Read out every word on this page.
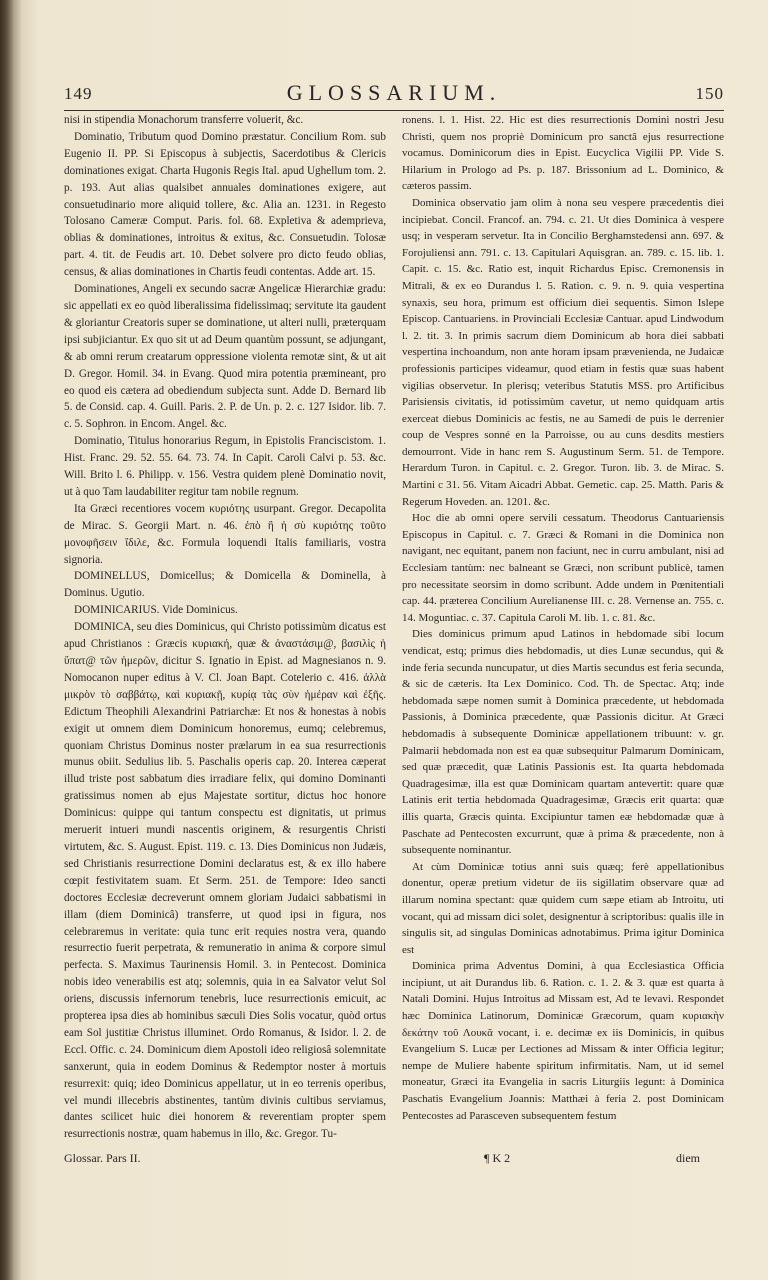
149	GLOSSARIUM.	150

nisi in stipendia Monachorum transferre voluerit, &c.

Dominatio, Tributum quod Domino præstatur. Concilium Rom. sub Eugenio II. PP. Si Episcopus à subjectis, Sacerdotibus & Clericis dominationes exigat. Charta Hugonis Regis Ital. apud Ughellum tom. 2. p. 193. Aut alias qualsibet annuales dominationes exigere, aut consuetudinario more aliquid tollere, &c. Alia an. 1231. in Regesto Tolosano Cameræ Comput. Paris. fol. 68. Expletiva & ademprieva, oblias & dominationes, introitus & exitus, &c. Consuetudin. Tolosæ part. 4. tit. de Feudis art. 10. Debet solvere pro dicto feudo oblias, census, & alias dominationes in Chartis feudi contentas. Adde art. 15.

Dominationes, Angeli ex secundo sacræ Angelicæ Hierarchiæ gradu: sic appellati ex eo quòd liberalissima fidelissimaq; servitute ita gaudent & gloriantur Creatoris super se dominatione, ut alteri nulli, præterquam ipsi subjiciantur. Ex quo sit ut ad Deum quantùm possunt, se adjungant, & ab omni rerum creatarum oppressione violenta remotæ sint, & ut ait D. Gregor. Homil. 34. in Evang. Quod mira potentia præmineant, pro eo quod eis cætera ad obediendum subjecta sunt. Adde D. Bernard lib 5. de Consid. cap. 4. Guill. Paris. 2. P. de Un. p. 2. c. 127 Isidor. lib. 7. c. 5. Sophron. in Encom. Angel. &c.

Dominatio, Titulus honorarius Regum, in Epistolis Franciscistom. 1. Hist. Franc. 29. 52. 55. 64. 73. 74. In Capit. Caroli Calvi p. 53. &c. Will. Brito l. 6. Philipp. v. 156. Vestra quidem plenè Dominatio novit, ut à quo Tam laudabiliter regitur tam nobile regnum.

Ita Græci recentiores vocem κυριότης usurpant. Gregor. Decapolita de Mirac. S. Georgii Mart. n. 46. ἐπὸ ἣ ἡ σὺ κυριότης τοῦτο μονοφῆσειν ἴδιλε, &c. Formula loquendi Italis familiaris, vostra signoria.

DOMINELLUS, Domicellus; & Domicella & Dominella, à Dominus. Ugutio.

DOMINICARIUS. Vide Dominicus.

DOMINICA, seu dies Dominicus, qui Christo potissimùm dicatus est apud Christianos : Græcis κυριακή, quæ & ἀναστάσιμ@, βασιλὶς ἡ ὕπατ@ τῶν ἡμερῶν, dicitur S. Ignatio in Epist. ad Magnesianos n. 9. Nomocanon nuper editus à V. Cl. Joan Bapt. Cotelerio c. 416. ἀλλὰ μικρὸν τὸ σαββάτῳ, καὶ κυριακῇ, κυρίᾳ τὰς σὺν ἡμέραν καὶ ἐξῆς. Edictum Theophili Alexandrini Patriarchæ: Et nos & honestas à nobis exigit ut omnem diem Dominicum honoremus, eumq; celebremus, quoniam Christus Dominus noster prælarum in ea sua resurrectionis munus obiit. Sedulius lib. 5. Paschalis operis cap. 20. Interea cæperat illud triste post sabbatum dies irradiare felix, qui domino Dominanti gratissimus nomen ab ejus Majestate sortitur, dictus hoc honore Dominicus: quippe qui tantum conspectu est dignitatis, ut primus meruerit intueri mundi nascentis originem, & resurgentis Christi virtutem, &c. S. August. Epist. 119. c. 13. Dies Dominicus non Judæis, sed Christianis resurrectione Domini declaratus est, & ex illo habere cœpit festivitatem suam. Et Serm. 251. de Tempore: Ideo sancti doctores Ecclesiæ decreverunt omnem gloriam Judaici sabbatismi in illam (diem Dominicâ) transferre, ut quod ipsi in figura, nos celebraremus in veritate: quia tunc erit requies nostra vera, quando resurrectio fuerit perpetrata, & remuneratio in anima & corpore simul perfecta. S. Maximus Taurinensis Homil. 3. in Pentecost. Dominica nobis ideo venerabilis est atq; solemnis, quia in ea Salvator velut Sol oriens, discussis infernorum tenebris, luce resurrectionis emicuit, ac propterea ipsa dies ab hominibus sæculi Dies Solis vocatur, quòd ortus eam Sol justitiæ Christus illuminet. Ordo Romanus, & Isidor. l. 2. de Eccl. Offic. c. 24. Dominicum diem Apostoli ideo religiosâ solemnitate sanxerunt, quia in eodem Dominus & Redemptor noster à mortuis resurrexit: quiq; ideo Dominicus appellatur, ut in eo terrenis operibus, vel mundi illecebris abstinentes, tantùm divinis cultibus serviamus, dantes scilicet huic diei honorem & reverentiam propter spem resurrectionis nostræ, quam habemus in illo, &c. Gregor. Tu-

ronens. l. 1. Hist. 22. Hic est dies resurrectionis Domini nostri Jesu Christi, quem nos propriè Dominicum pro sanctâ ejus resurrectione vocamus. Dominicorum dies in Epist. Eucyclica Vigilii PP. Vide S. Hilarium in Prologo ad Ps. p. 187. Brissonium ad L. Dominico, & cæteros passim.

Dominica observatio jam olim à nona seu vespere præcedentis diei incipiebat. Concil. Francof. an. 794. c. 21. Ut dies Dominica à vespere usq; in vesperam servetur. Ita in Concilio Berghamstedensi ann. 697. & Forojuliensi ann. 791. c. 13. Capitulari Aquisgran. an. 789. c. 15. lib. 1. Capit. c. 15. &c. Ratio est, inquit Richardus Episc. Cremonensis in Mitrali, & ex eo Durandus l. 5. Ration. c. 9. n. 9. quia vespertina synaxis, seu hora, primum est officium diei sequentis. Simon Islepe Episcop. Cantuariens. in Provinciali Ecclesiæ Cantuar. apud Lindwodum l. 2. tit. 3. In primis sacrum diem Dominicum ab hora diei sabbati vespertina inchoandum, non ante horam ipsam prævenienda, ne Judaicæ professionis participes videamur, quod etiam in festis quæ suas habent vigilias observetur. In plerisq; veteribus Statutis MSS. pro Artificibus Parisiensis civitatis, id potissimùm cavetur, ut nemo quidquam artis exerceat diebus Dominicis ac festis, ne au Samedi de puis le derrenier coup de Vespres sonné en la Parroisse, ou au cuns desdits mestiers demourront. Vide in hanc rem S. Augustinum Serm. 51. de Tempore. Herardum Turon. in Capitul. c. 2. Gregor. Turon. lib. 3. de Mirac. S. Martini c 31. 56. Vitam Aicadri Abbat. Gemetic. cap. 25. Matth. Paris & Regerum Hoveden. an. 1201. &c.

Hoc die ab omni opere servili cessatum. Theodorus Cantuariensis Episcopus in Capitul. c. 7. Græci & Romani in die Dominica non navigant, nec equitant, panem non faciunt, nec in curru ambulant, nisi ad Ecclesiam tantùm: nec balneant se Græci, non scribunt publicè, tamen pro necessitate seorsim in domo scribunt. Adde undem in Pœnitentiali cap. 44. præterea Concilium Aurelianense III. c. 28. Vernense an. 755. c. 14. Moguntiac. c. 37. Capitula Caroli M. lib. 1. c. 81. &c.

Dies dominicus primum apud Latinos in hebdomade sibi locum vendicat, estq; primus dies hebdomadis, ut dies Lunæ secundus, qui & inde feria secunda nuncupatur, ut dies Martis secundus est feria secunda, & sic de cæteris. Ita Lex Dominico. Cod. Th. de Spectac. Atq; inde hebdomada sæpe nomen sumit à Dominica præcedente, ut hebdomada Passionis, à Dominica præcedente, quæ Passionis dicitur. At Græci hebdomadis à subsequente Dominicæ appellationem tribuunt: v. gr. Palmarii hebdomada non est ea quæ subsequitur Palmarum Dominicam, sed quæ præcedit, quæ Latinis Passionis est. Ita quarta hebdomada Quadragesimæ, illa est quæ Dominicam quartam antevertit: quare quæ Latinis erit tertia hebdomada Quadragesimæ, Græcis erit quarta: quæ illis quarta, Græcis quinta. Excipiuntur tamen eæ hebdomadæ quæ à Paschate ad Pentecosten excurrunt, quæ à prima & præcedente, non à subsequente nominantur.

At cùm Dominicæ totius anni suis quæq; ferè appellationibus donentur, operæ pretium videtur de iis sigillatim observare quæ ad illarum nomina spectant: quæ quidem cum sæpe etiam ab Introitu, uti vocant, qui ad missam dici solet, designentur à scriptoribus: qualis ille in singulis sit, ad singulas Dominicas adnotabimus. Prima igitur Dominica est

Dominica prima Adventus Domini, à qua Ecclesiastica Officia incipiunt, ut ait Durandus lib. 6. Ration. c. 1. 2. & 3. quæ est quarta à Natali Domini. Hujus Introitus ad Missam est, Ad te levavi. Respondet hæc Dominica Latinorum, Dominicæ Græcorum, quam κυριακὴν δεκάτην τοῦ Λουκᾶ vocant, i. e. decimæ ex iis Dominicis, in quibus Evangelium S. Lucæ per Lectiones ad Missam & inter Officia legitur; nempe de Muliere habente spiritum infirmitatis. Nam, ut id semel moneatur, Græci ita Evangelia in sacris Liturgiis legunt: à Dominica Paschatis Evangelium Joannis: Matthæi à feria 2. post Dominicam Pentecostes ad Parasceven subsequentem festum

Glossar. Pars II.	¶ K 2	diem
